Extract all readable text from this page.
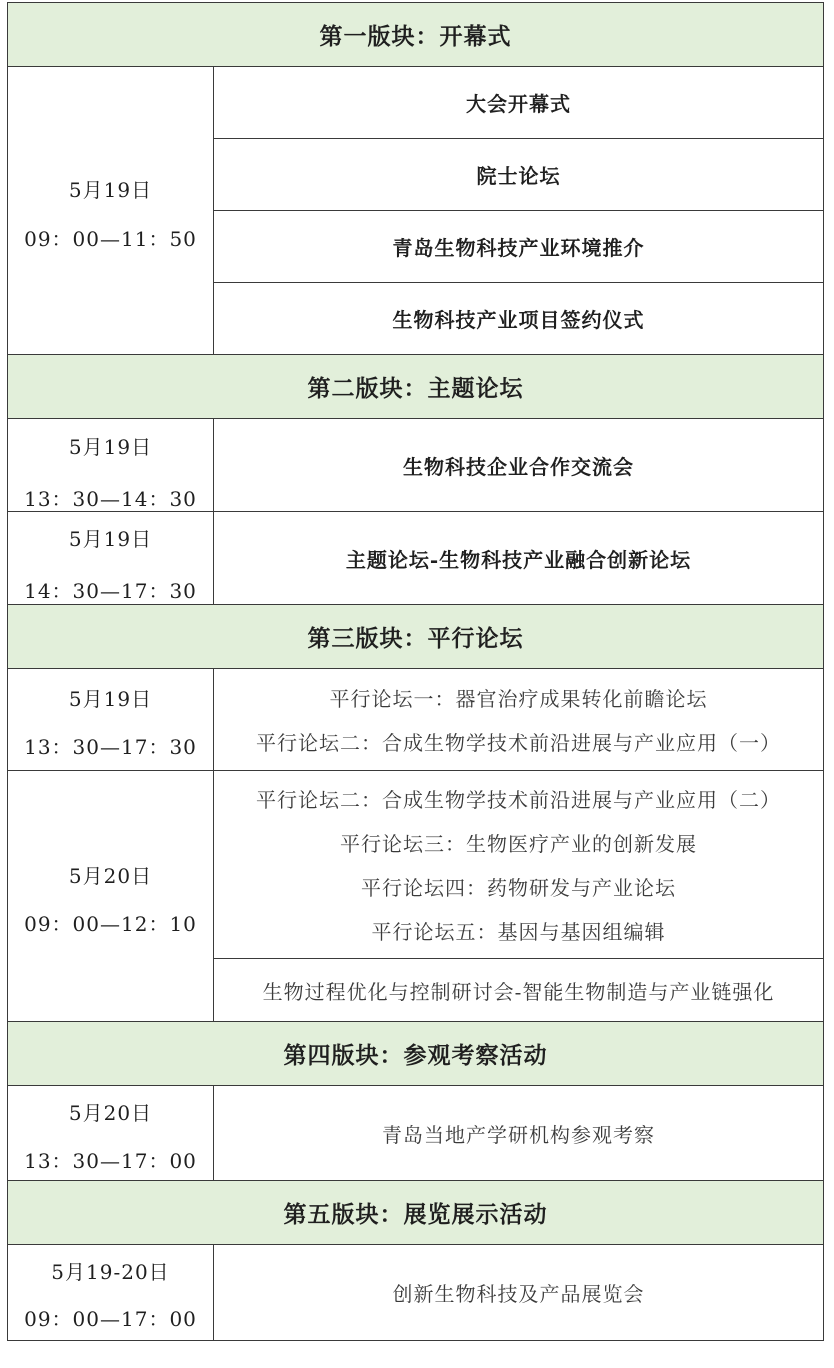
第一版块：开幕式
5月19日
09：00—11：50
大会开幕式
院士论坛
青岛生物科技产业环境推介
生物科技产业项目签约仪式
第二版块：主题论坛
5月19日
13：30—14：30
生物科技企业合作交流会
5月19日
14：30—17：30
主题论坛-生物科技产业融合创新论坛
第三版块：平行论坛
5月19日
13：30—17：30
平行论坛一：器官治疗成果转化前瞻论坛
平行论坛二：合成生物学技术前沿进展与产业应用（一）
5月20日
09：00—12：10
平行论坛二：合成生物学技术前沿进展与产业应用（二）
平行论坛三：生物医疗产业的创新发展
平行论坛四：药物研发与产业论坛
平行论坛五：基因与基因组编辑
生物过程优化与控制研讨会-智能生物制造与产业链强化
第四版块：参观考察活动
5月20日
13：30—17：00
青岛当地产学研机构参观考察
第五版块：展览展示活动
5月19-20日
09：00—17：00
创新生物科技及产品展览会
